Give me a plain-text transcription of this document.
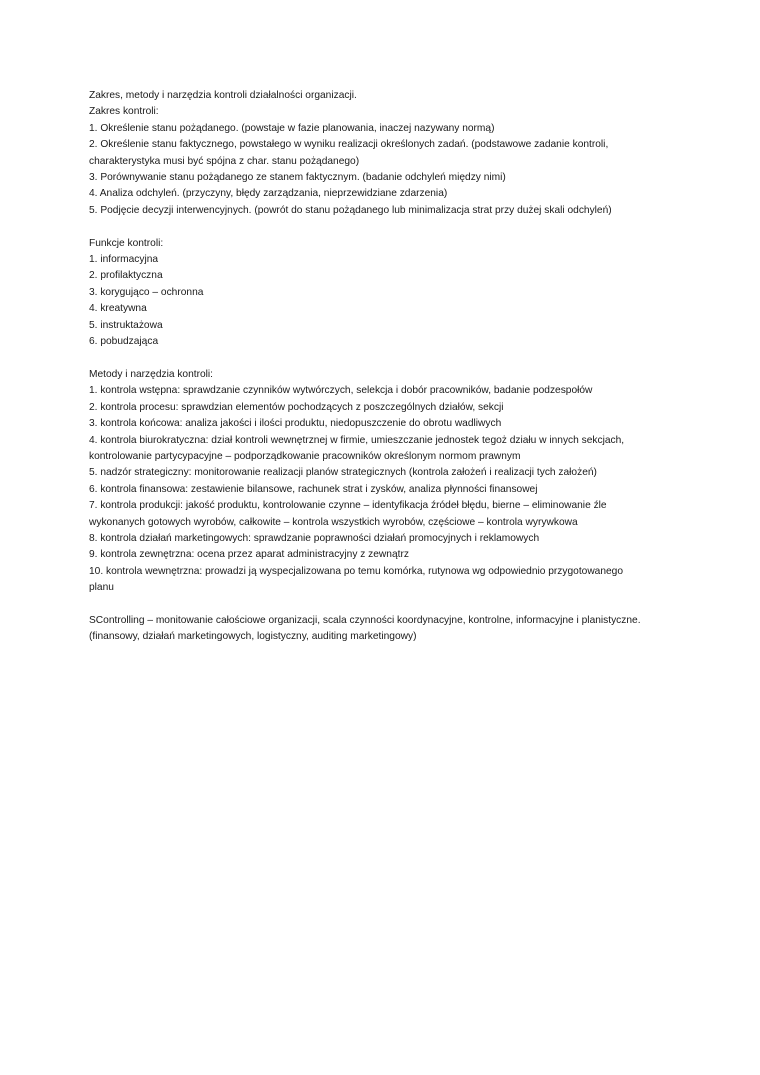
Zakres, metody i narzędzia kontroli działalności organizacji.
Zakres kontroli:
1. Określenie stanu pożądanego. (powstaje w fazie planowania, inaczej nazywany normą)
2. Określenie stanu faktycznego, powstałego w wyniku realizacji określonych zadań. (podstawowe zadanie kontroli,
charakterystyka musi być spójna z char. stanu pożądanego)
3. Porównywanie stanu pożądanego ze stanem faktycznym. (badanie odchyleń między nimi)
4. Analiza odchyleń. (przyczyny, błędy zarządzania, nieprzewidziane zdarzenia)
5. Podjęcie decyzji interwencyjnych. (powrót do stanu pożądanego lub minimalizacja strat przy dużej skali odchyleń)
Funkcje kontroli:
1. informacyjna
2. profilaktyczna
3. korygująco – ochronna
4. kreatywna
5. instruktażowa
6. pobudzająca
Metody i narzędzia kontroli:
1. kontrola wstępna: sprawdzanie czynników wytwórczych, selekcja i dobór pracowników, badanie podzespołów
2. kontrola procesu: sprawdzian elementów pochodzących z poszczególnych działów, sekcji
3. kontrola końcowa: analiza jakości i ilości produktu, niedopuszczenie do obrotu wadliwych
4. kontrola biurokratyczna: dział kontroli wewnętrznej w firmie, umieszczanie jednostek tegoż działu w innych sekcjach,
kontrolowanie partycypacyjne – podporządkowanie pracowników określonym normom prawnym
5. nadzór strategiczny: monitorowanie realizacji planów strategicznych (kontrola założeń i realizacji tych założeń)
6. kontrola finansowa: zestawienie bilansowe, rachunek strat i zysków, analiza płynności finansowej
7. kontrola produkcji: jakość produktu, kontrolowanie czynne – identyfikacja źródeł błędu, bierne – eliminowanie źle
wykonanych gotowych wyrobów, całkowite – kontrola wszystkich wyrobów, częściowe – kontrola wyrywkowa
8. kontrola działań marketingowych: sprawdzanie poprawności działań promocyjnych i reklamowych
9. kontrola zewnętrzna: ocena przez aparat administracyjny z zewnątrz
10. kontrola wewnętrzna: prowadzi ją wyspecjalizowana po temu komórka, rutynowa wg odpowiednio przygotowanego
planu
SControlling – monitowanie całościowe organizacji, scala czynności koordynacyjne, kontrolne, informacyjne i planistyczne.
(finansowy, działań marketingowych, logistyczny, auditing marketingowy)
